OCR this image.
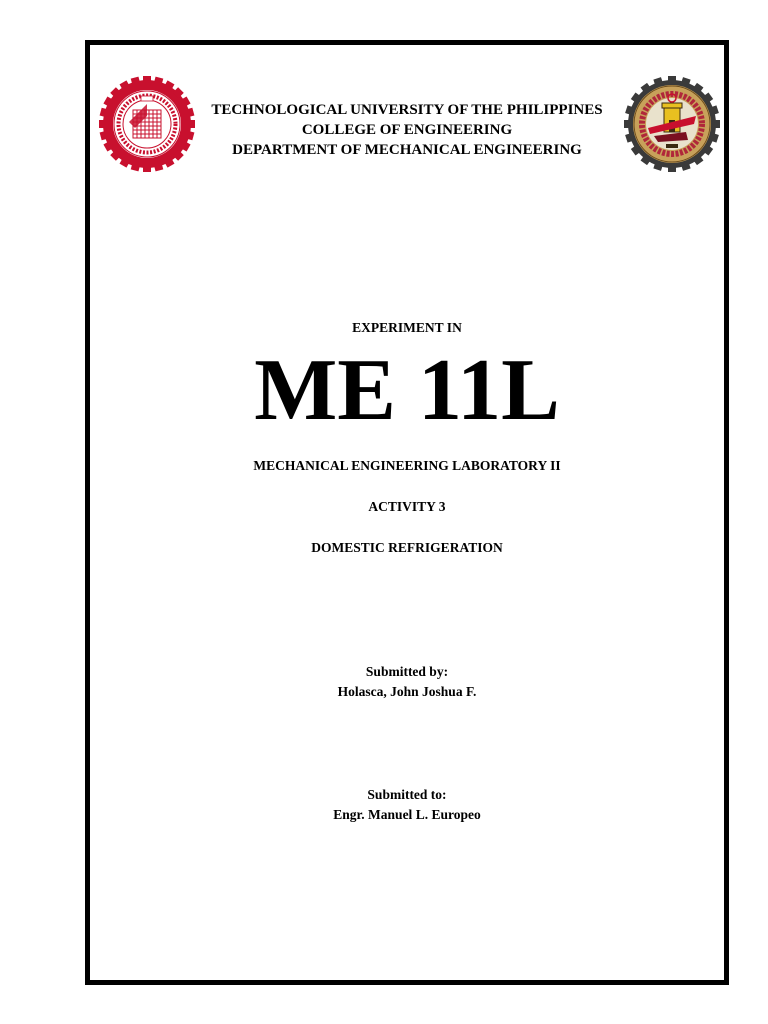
TECHNOLOGICAL UNIVERSITY OF THE PHILIPPINES
COLLEGE OF ENGINEERING
DEPARTMENT OF MECHANICAL ENGINEERING
EXPERIMENT IN
ME 11L
MECHANICAL ENGINEERING LABORATORY II
ACTIVITY 3
DOMESTIC REFRIGERATION
Submitted by:
Holasca, John Joshua F.
Submitted to:
Engr. Manuel L. Europeo
